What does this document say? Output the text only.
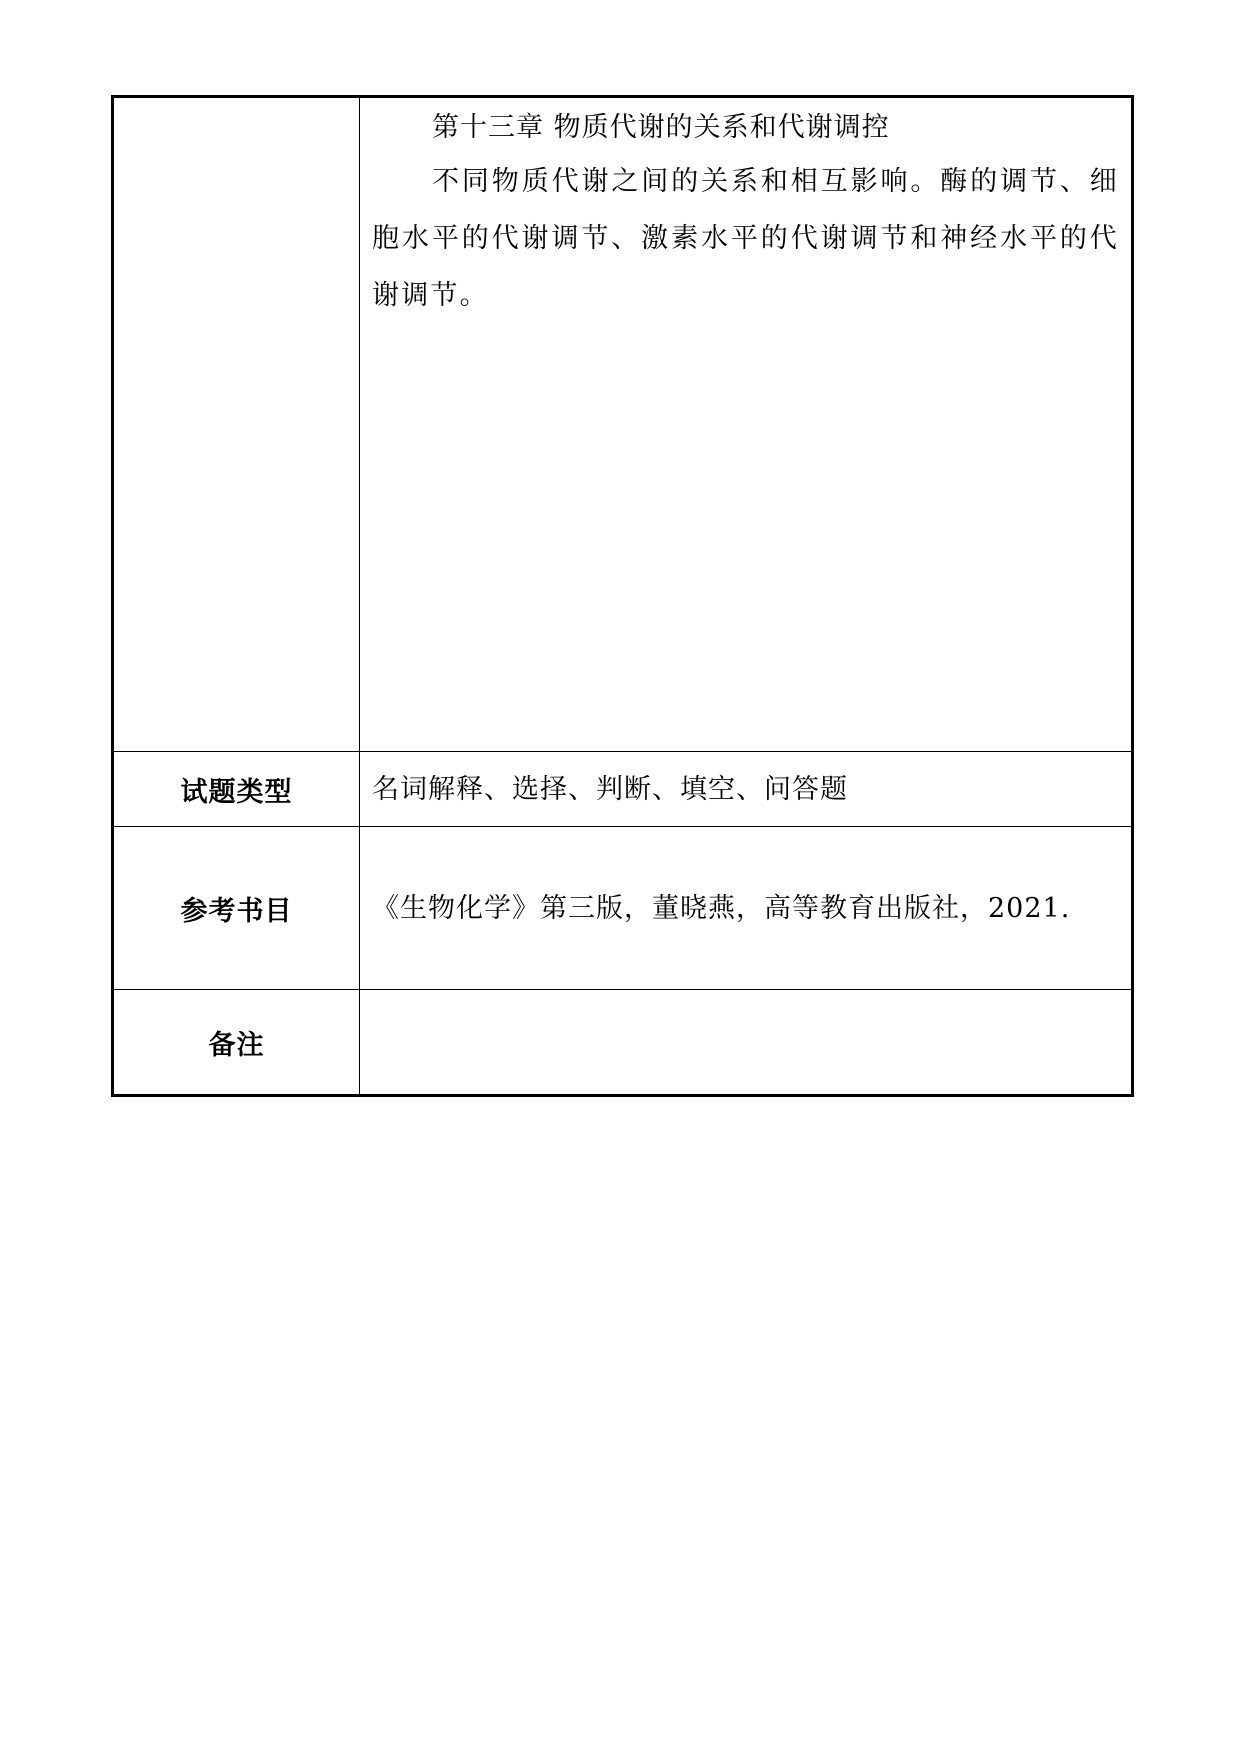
	第十三章 物质代谢的关系和代谢调控
不同物质代谢之间的关系和相互影响。酶的调节、细胞水平的代谢调节、激素水平的代谢调节和神经水平的代谢调节。

试题类型	名词解释、选择、判断、填空、问答题
参考书目	《生物化学》第三版，董晓燕，高等教育出版社，2021.
备注	
